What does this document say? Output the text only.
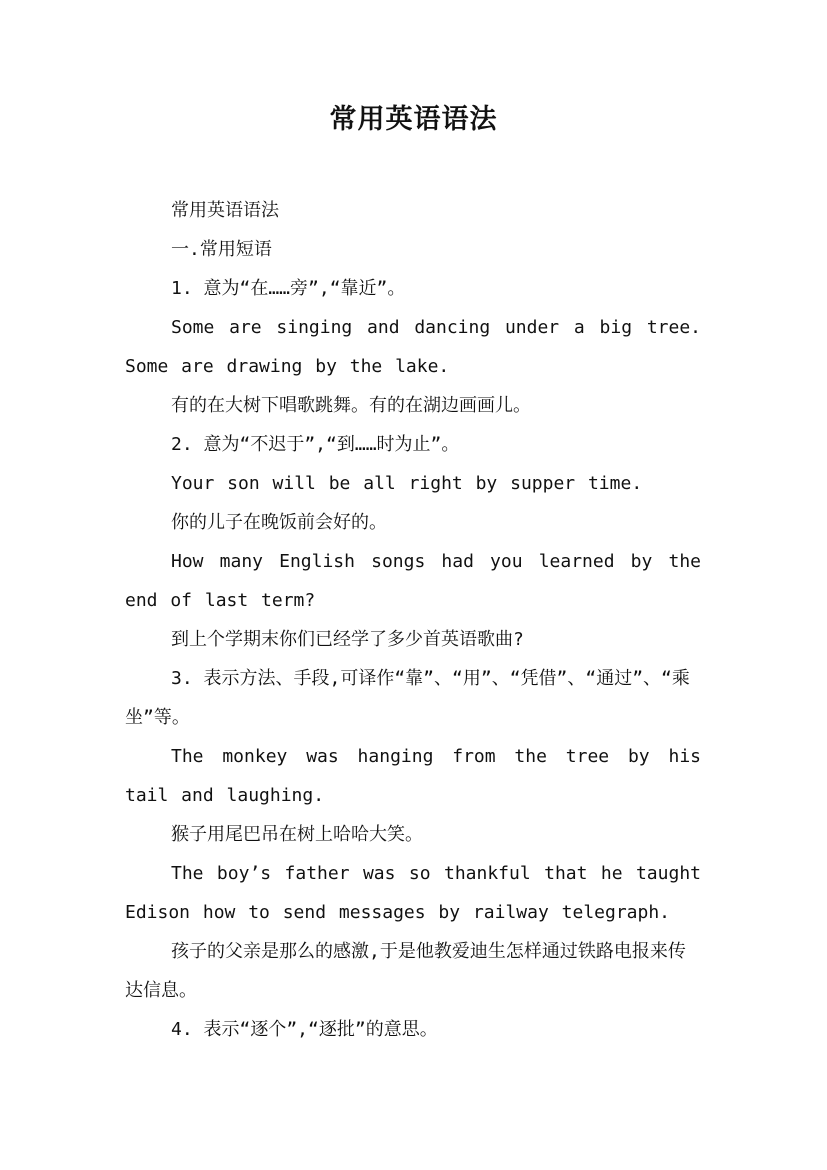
常用英语语法

常用英语语法

一.常用短语

1. 意为“在……旁”,“靠近”。

Some are singing and dancing under a big tree. Some are drawing by the lake.

有的在大树下唱歌跳舞。有的在湖边画画儿。

2. 意为“不迟于”,“到……时为止”。

Your son will be all right by supper time.

你的儿子在晚饭前会好的。

How many English songs had you learned by the end of last term?

到上个学期末你们已经学了多少首英语歌曲?

3. 表示方法、手段,可译作“靠”、“用”、“凭借”、“通过”、“乘坐”等。

The monkey was hanging from the tree by his tail and laughing.

猴子用尾巴吊在树上哈哈大笑。

The boy’s father was so thankful that he taught Edison how to send messages by railway telegraph.

孩子的父亲是那么的感激,于是他教爱迪生怎样通过铁路电报来传达信息。

4. 表示“逐个”,“逐批”的意思。
